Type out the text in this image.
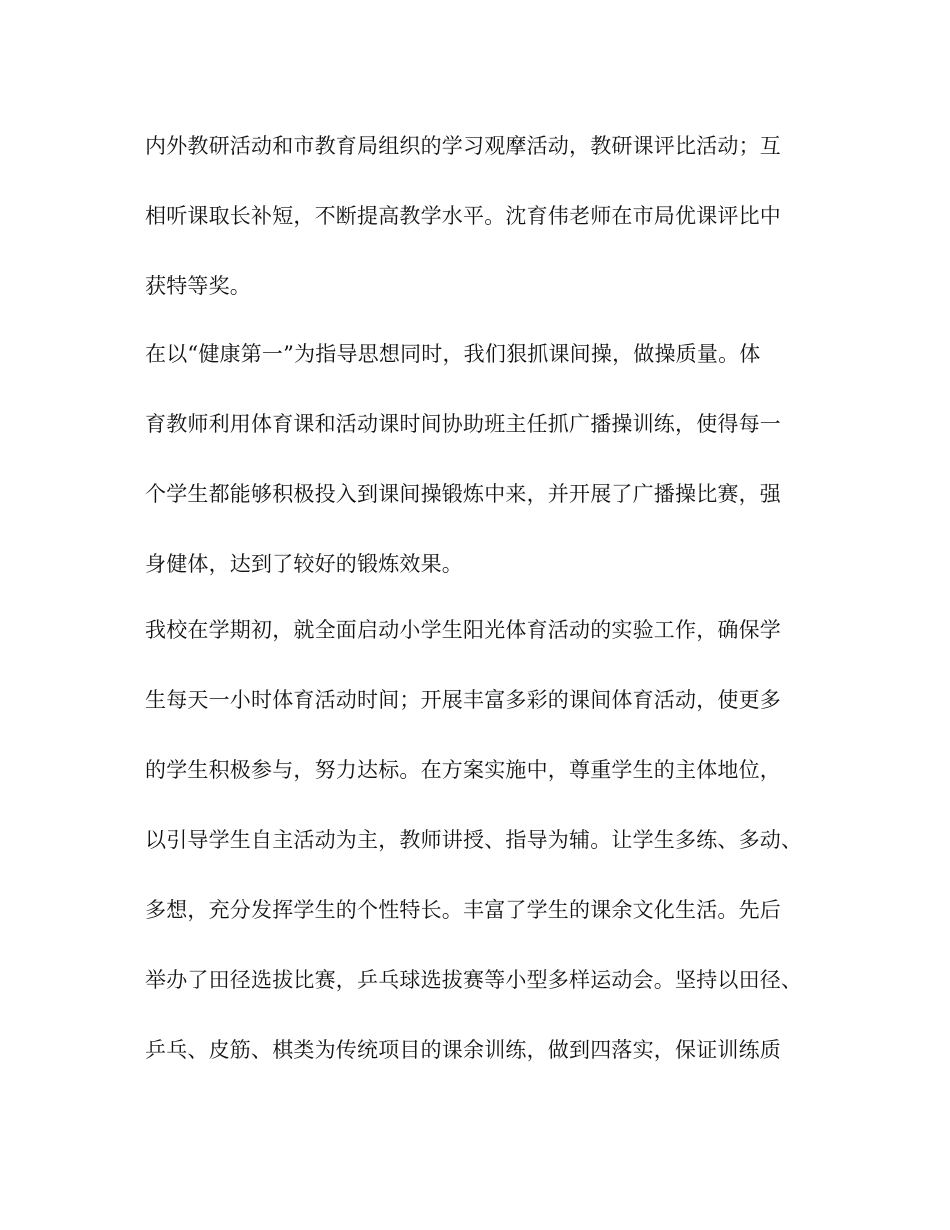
内外教研活动和市教育局组织的学习观摩活动，教研课评比活动；互
相听课取长补短，不断提高教学水平。沈育伟老师在市局优课评比中
获特等奖。
在以“健康第一”为指导思想同时，我们狠抓课间操，做操质量。体
育教师利用体育课和活动课时间协助班主任抓广播操训练，使得每一
个学生都能够积极投入到课间操锻炼中来，并开展了广播操比赛，强
身健体，达到了较好的锻炼效果。
我校在学期初，就全面启动小学生阳光体育活动的实验工作，确保学
生每天一小时体育活动时间；开展丰富多彩的课间体育活动，使更多
的学生积极参与，努力达标。在方案实施中，尊重学生的主体地位，
以引导学生自主活动为主，教师讲授、指导为辅。让学生多练、多动、
多想，充分发挥学生的个性特长。丰富了学生的课余文化生活。先后
举办了田径选拔比赛，乒乓球选拔赛等小型多样运动会。坚持以田径、
乒乓、皮筋、棋类为传统项目的课余训练，做到四落实，保证训练质
